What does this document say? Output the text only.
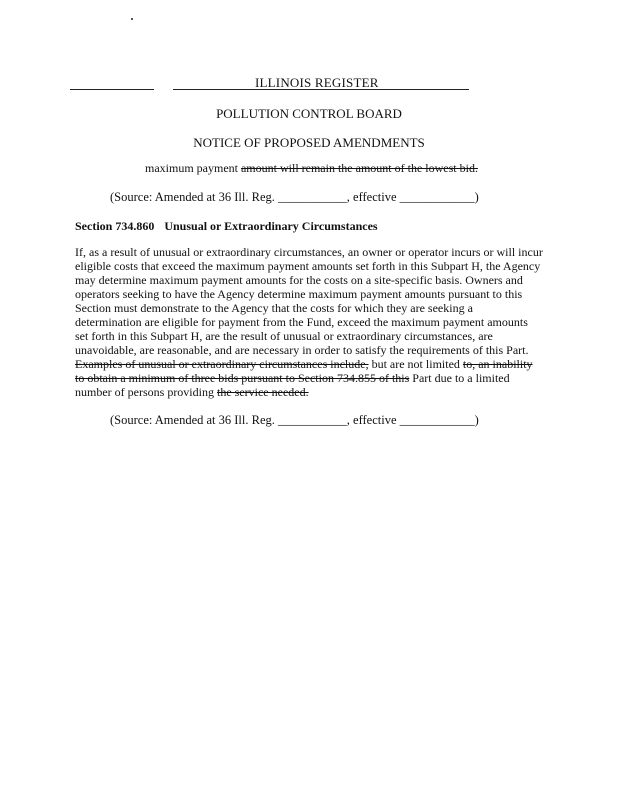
ILLINOIS REGISTER
POLLUTION CONTROL BOARD
NOTICE OF PROPOSED AMENDMENTS
maximum payment amount will remain the amount of the lowest bid.
(Source: Amended at 36 Ill. Reg. ___________, effective ____________)
Section 734.860 Unusual or Extraordinary Circumstances
If, as a result of unusual or extraordinary circumstances, an owner or operator incurs or will incur
eligible costs that exceed the maximum payment amounts set forth in this Subpart H, the Agency
may determine maximum payment amounts for the costs on a site-specific basis. Owners and
operators seeking to have the Agency determine maximum payment amounts pursuant to this
Section must demonstrate to the Agency that the costs for which they are seeking a
determination are eligible for payment from the Fund, exceed the maximum payment amounts
set forth in this Subpart H, are the result of unusual or extraordinary circumstances, are
unavoidable, are reasonable, and are necessary in order to satisfy the requirements of this Part.
Examples of unusual or extraordinary circumstances include, but are not limited to, an inability
to obtain a minimum of three bids pursuant to Section 734.855 of this Part due to a limited
number of persons providing the service needed.
(Source: Amended at 36 Ill. Reg. ___________, effective ____________)
